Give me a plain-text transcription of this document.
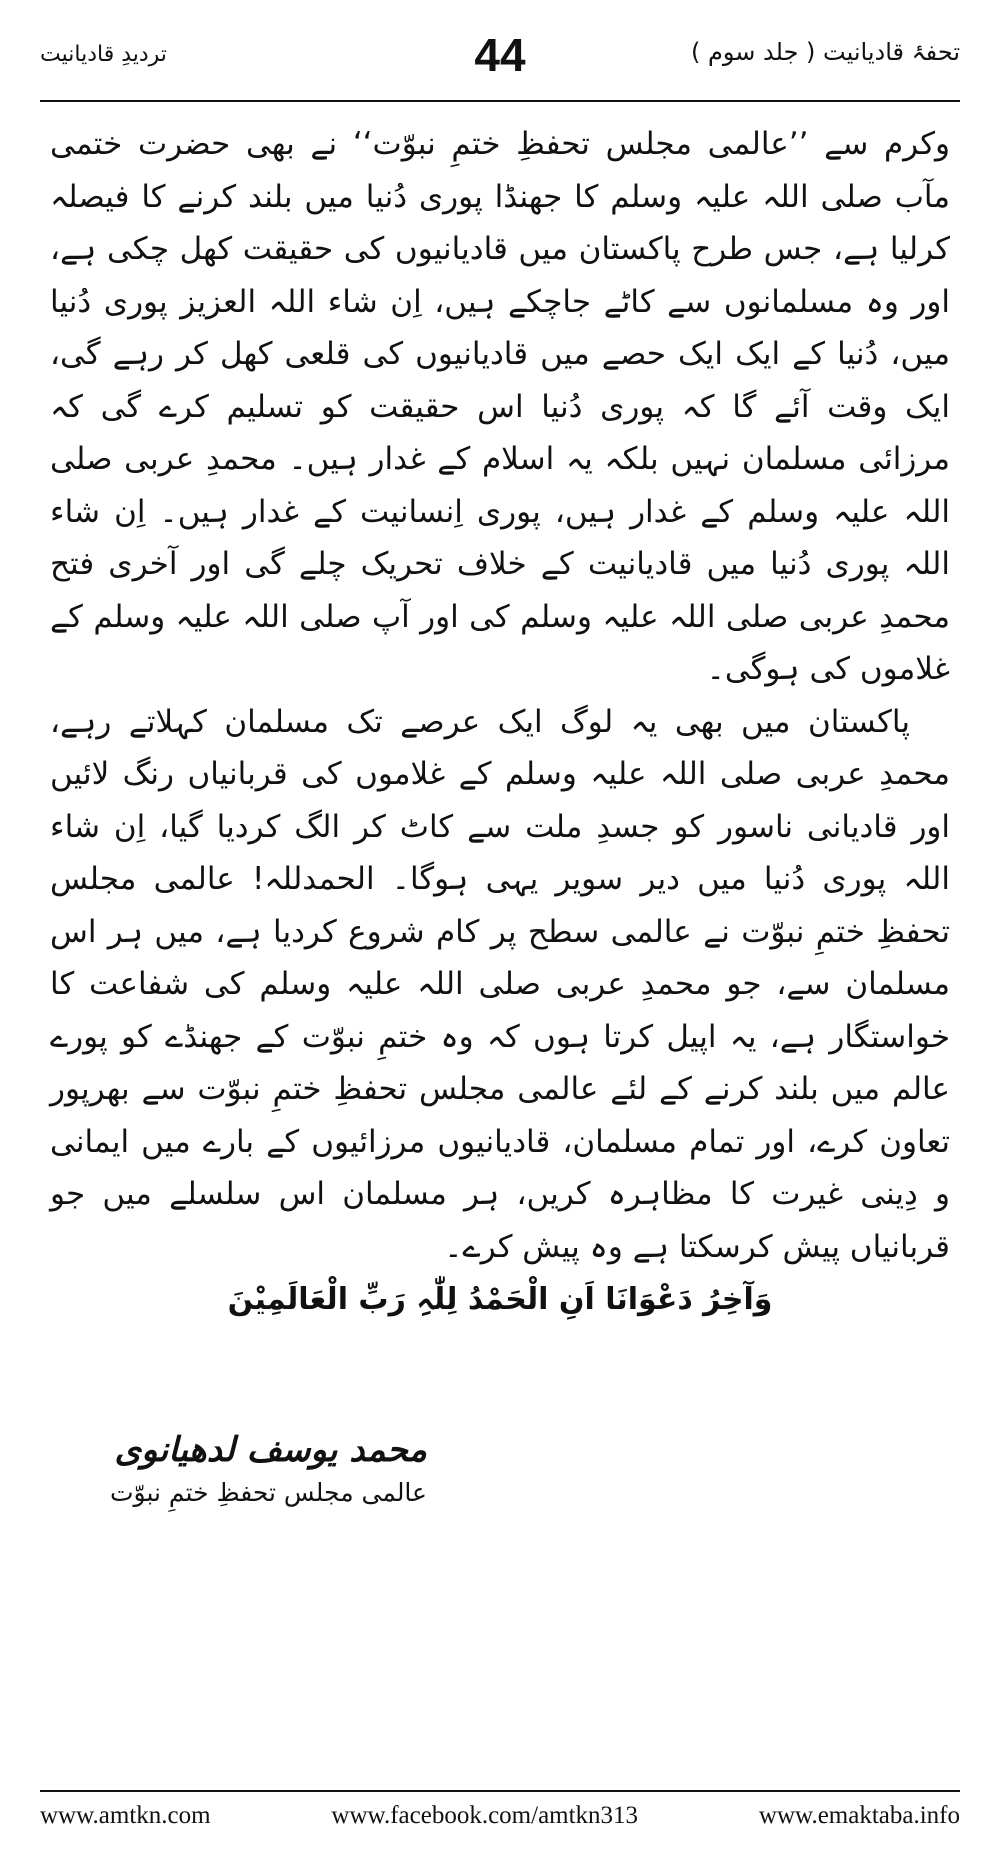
تحفۂ قادیانیت ( جلد سوم )
44
تردیدِ قادیانیت

وکرم سے ’’عالمی مجلس تحفظِ ختمِ نبوّت‘‘ نے بھی حضرت ختمی مآب صلی اللہ علیہ وسلم کا جھنڈا پوری دُنیا میں بلند کرنے کا فیصلہ کرلیا ہے، جس طرح پاکستان میں قادیانیوں کی حقیقت کھل چکی ہے، اور وہ مسلمانوں سے کاٹے جاچکے ہیں، اِن شاء اللہ العزیز پوری دُنیا میں، دُنیا کے ایک ایک حصے میں قادیانیوں کی قلعی کھل کر رہے گی، ایک وقت آئے گا کہ پوری دُنیا اس حقیقت کو تسلیم کرے گی کہ مرزائی مسلمان نہیں بلکہ یہ اسلام کے غدار ہیں۔ محمدِ عربی صلی اللہ علیہ وسلم کے غدار ہیں، پوری اِنسانیت کے غدار ہیں۔ اِن شاء اللہ پوری دُنیا میں قادیانیت کے خلاف تحریک چلے گی اور آخری فتح محمدِ عربی صلی اللہ علیہ وسلم کی اور آپ صلی اللہ علیہ وسلم کے غلاموں کی ہوگی۔

پاکستان میں بھی یہ لوگ ایک عرصے تک مسلمان کہلاتے رہے، محمدِ عربی صلی اللہ علیہ وسلم کے غلاموں کی قربانیاں رنگ لائیں اور قادیانی ناسور کو جسدِ ملت سے کاٹ کر الگ کردیا گیا، اِن شاء اللہ پوری دُنیا میں دیر سویر یہی ہوگا۔ الحمدللہ! عالمی مجلس تحفظِ ختمِ نبوّت نے عالمی سطح پر کام شروع کردیا ہے، میں ہر اس مسلمان سے، جو محمدِ عربی صلی اللہ علیہ وسلم کی شفاعت کا خواستگار ہے، یہ اپیل کرتا ہوں کہ وہ ختمِ نبوّت کے جھنڈے کو پورے عالم میں بلند کرنے کے لئے عالمی مجلس تحفظِ ختمِ نبوّت سے بھرپور تعاون کرے، اور تمام مسلمان، قادیانیوں مرزائیوں کے بارے میں ایمانی و دِینی غیرت کا مظاہرہ کریں، ہر مسلمان اس سلسلے میں جو قربانیاں پیش کرسکتا ہے وہ پیش کرے۔

وَآخِرُ دَعْوَانَا اَنِ الْحَمْدُ لِلّٰہِ رَبِّ الْعَالَمِیْنَ
محمد یوسف لدھیانوی
عالمی مجلس تحفظِ ختمِ نبوّت
www.amtkn.com	www.facebook.com/amtkn313	www.emaktaba.info
